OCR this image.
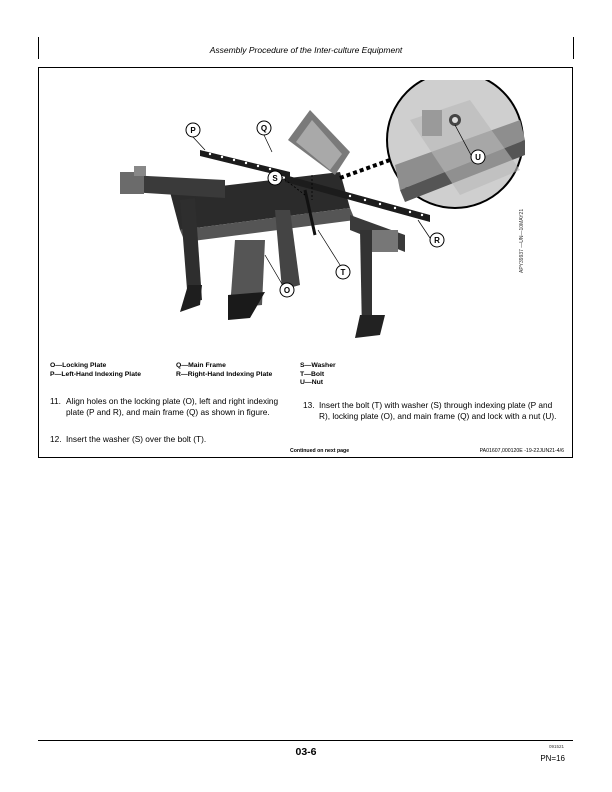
Assembly Procedure of the Inter-culture Equipment
P	Q
S
U
R
T
O
APY39937 —UN—10MAY21
O—Locking Plate
P—Left-Hand Indexing Plate
Q—Main Frame
R—Right-Hand Indexing Plate
S—Washer
T—Bolt
U—Nut
11. Align holes on the locking plate (O), left and right indexing plate (P and R), and main frame (Q) as shown in figure.
12. Insert the washer (S) over the bolt (T).
13. Insert the bolt (T) with washer (S) through indexing plate (P and R), locking plate (O), and main frame (Q) and lock with a nut (U).
Continued on next page	PA01607,000120E -19-22JUN21-4/6
03-6	091521
PN=16
